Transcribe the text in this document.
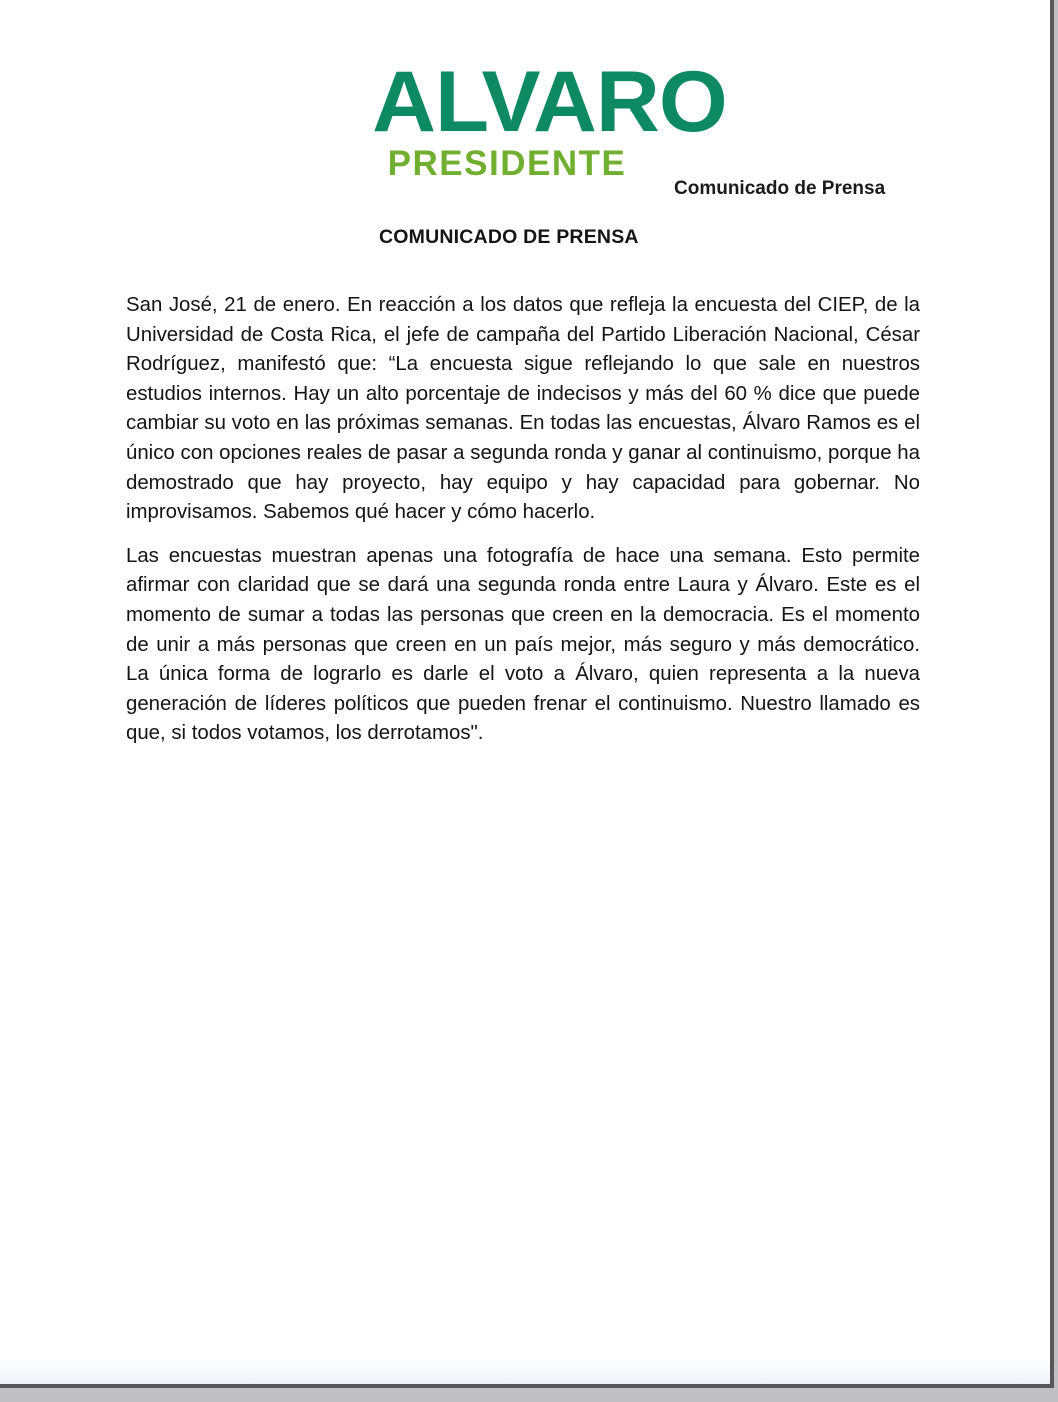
ALVARO
PRESIDENTE
Comunicado de Prensa
COMUNICADO DE PRENSA

San José, 21 de enero. En reacción a los datos que refleja la encuesta del CIEP, de la Universidad de Costa Rica, el jefe de campaña del Partido Liberación Nacional, César Rodríguez, manifestó que: “La encuesta sigue reflejando lo que sale en nuestros estudios internos. Hay un alto porcentaje de indecisos y más del 60 % dice que puede cambiar su voto en las próximas semanas. En todas las encuestas, Álvaro Ramos es el único con opciones reales de pasar a segunda ronda y ganar al continuismo, porque ha demostrado que hay proyecto, hay equipo y hay capacidad para gobernar. No improvisamos. Sabemos qué hacer y cómo hacerlo.

Las encuestas muestran apenas una fotografía de hace una semana. Esto permite afirmar con claridad que se dará una segunda ronda entre Laura y Álvaro. Este es el momento de sumar a todas las personas que creen en la democracia. Es el momento de unir a más personas que creen en un país mejor, más seguro y más democrático. La única forma de lograrlo es darle el voto a Álvaro, quien representa a la nueva generación de líderes políticos que pueden frenar el continuismo. Nuestro llamado es que, si todos votamos, los derrotamos".
